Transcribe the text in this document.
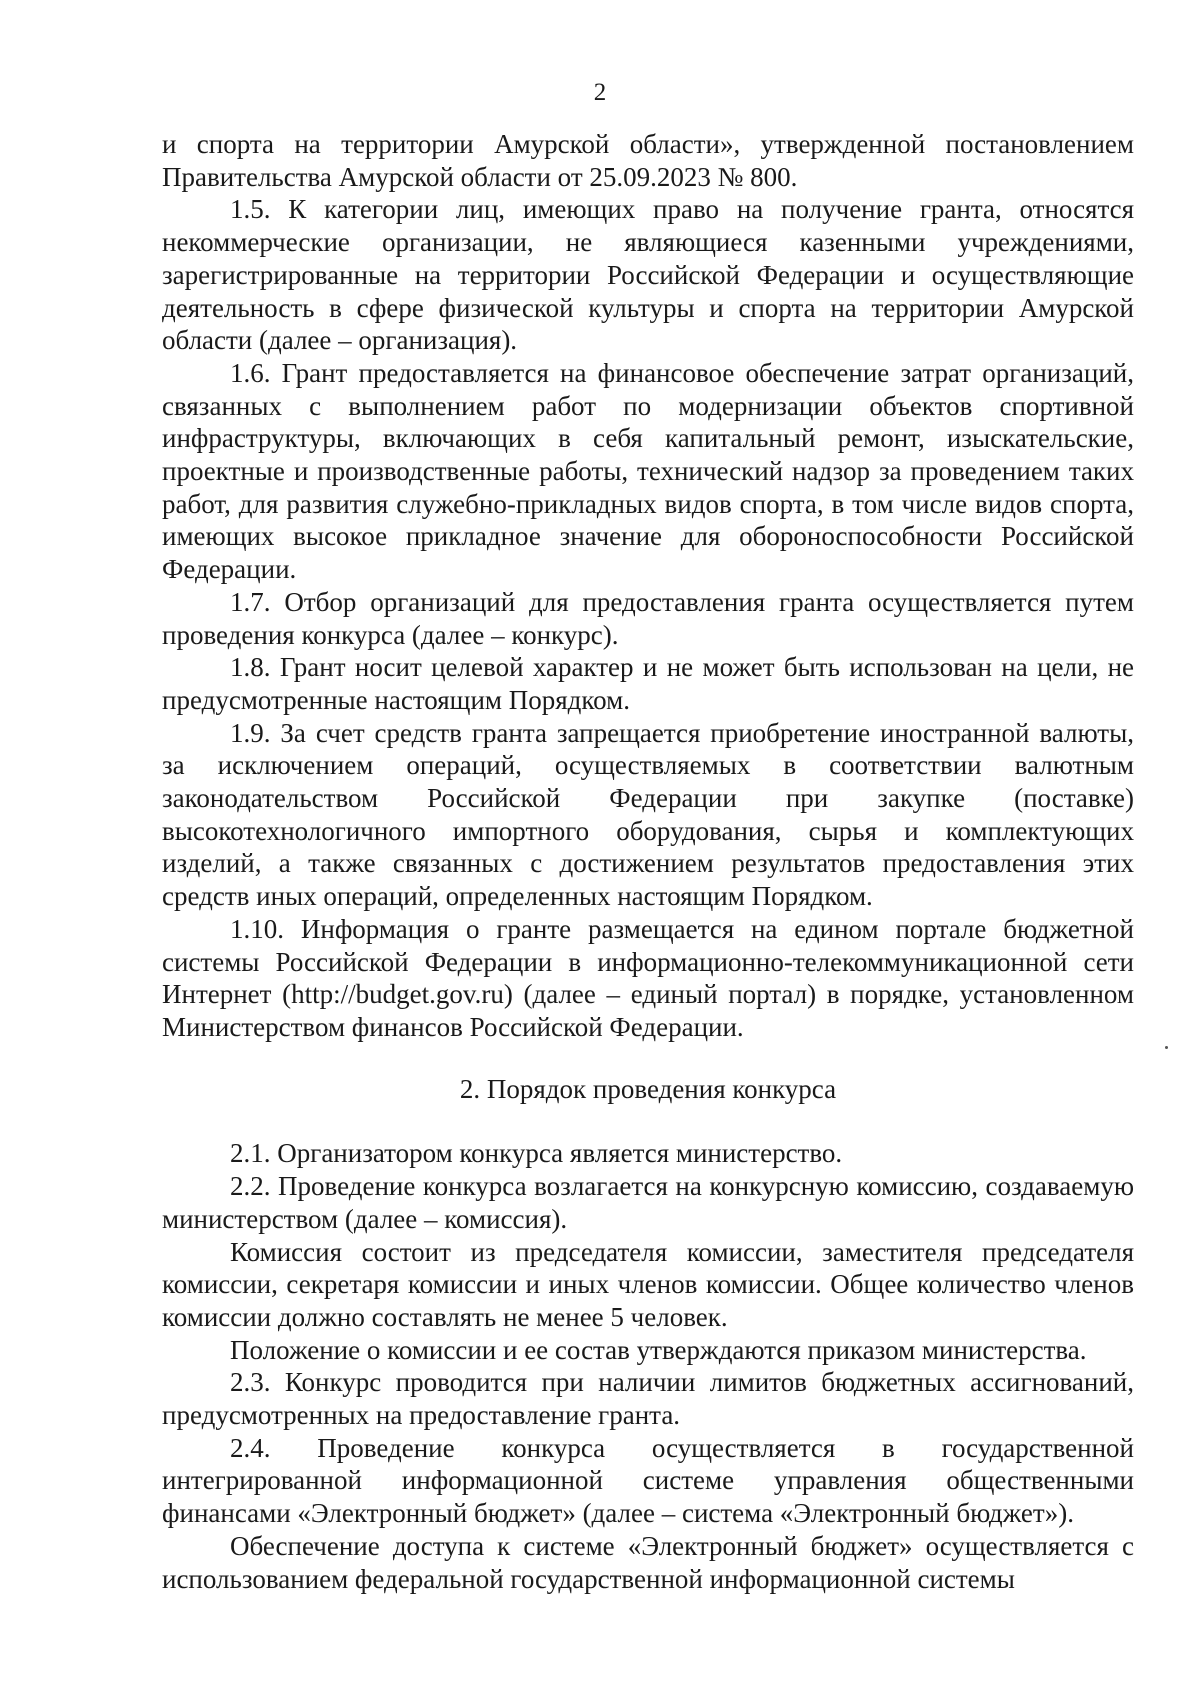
2

и спорта на территории Амурской области», утвержденной постановлением Правительства Амурской области от 25.09.2023 № 800.

1.5. К категории лиц, имеющих право на получение гранта, относятся некоммерческие организации, не являющиеся казенными учреждениями, зарегистрированные на территории Российской Федерации и осуществляющие деятельность в сфере физической культуры и спорта на территории Амурской области (далее – организация).

1.6. Грант предоставляется на финансовое обеспечение затрат организаций, связанных с выполнением работ по модернизации объектов спортивной инфраструктуры, включающих в себя капитальный ремонт, изыскательские, проектные и производственные работы, технический надзор за проведением таких работ, для развития служебно-прикладных видов спорта, в том числе видов спорта, имеющих высокое прикладное значение для обороноспособности Российской Федерации.

1.7. Отбор организаций для предоставления гранта осуществляется путем проведения конкурса (далее – конкурс).

1.8. Грант носит целевой характер и не может быть использован на цели, не предусмотренные настоящим Порядком.

1.9. За счет средств гранта запрещается приобретение иностранной валюты, за исключением операций, осуществляемых в соответствии валютным законодательством Российской Федерации при закупке (поставке) высокотехнологичного импортного оборудования, сырья и комплектующих изделий, а также связанных с достижением результатов предоставления этих средств иных операций, определенных настоящим Порядком.

1.10. Информация о гранте размещается на едином портале бюджетной системы Российской Федерации в информационно-телекоммуникационной сети Интернет (http://budget.gov.ru) (далее – единый портал) в порядке, установленном Министерством финансов Российской Федерации.

2. Порядок проведения конкурса

2.1. Организатором конкурса является министерство.

2.2. Проведение конкурса возлагается на конкурсную комиссию, создаваемую министерством (далее – комиссия).

Комиссия состоит из председателя комиссии, заместителя председателя комиссии, секретаря комиссии и иных членов комиссии. Общее количество членов комиссии должно составлять не менее 5 человек.

Положение о комиссии и ее состав утверждаются приказом министерства.

2.3. Конкурс проводится при наличии лимитов бюджетных ассигнований, предусмотренных на предоставление гранта.

2.4. Проведение конкурса осуществляется в государственной интегрированной информационной системе управления общественными финансами «Электронный бюджет» (далее – система «Электронный бюджет»).

Обеспечение доступа к системе «Электронный бюджет» осуществляется с использованием федеральной государственной информационной системы
